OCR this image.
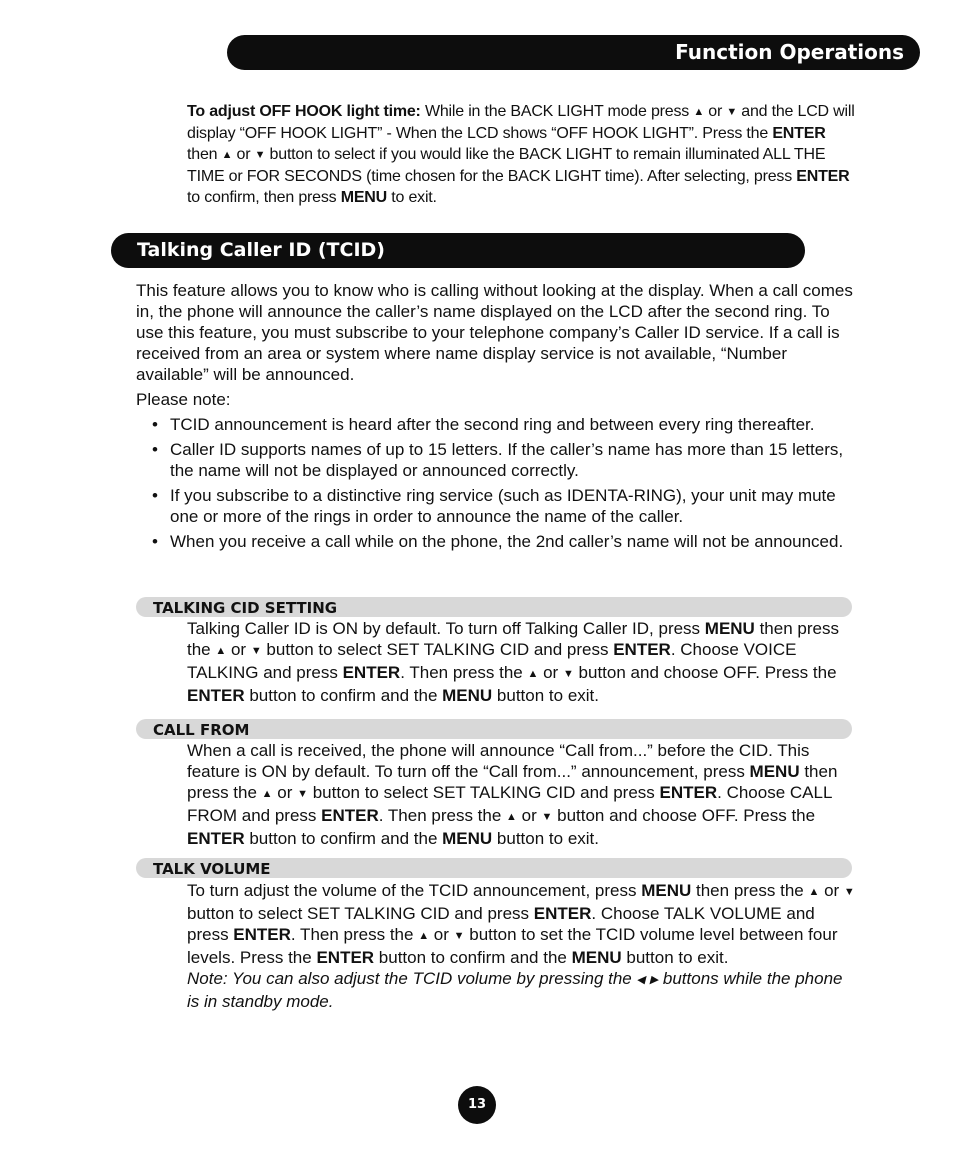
Function Operations

To adjust OFF HOOK light time: While in the BACK LIGHT mode press ▲ or ▼ and the LCD will display “OFF HOOK LIGHT” - When the LCD shows “OFF HOOK LIGHT”. Press the ENTER then ▲ or ▼ button to select if you would like the BACK LIGHT to remain illuminated ALL THE TIME or FOR SECONDS (time chosen for the BACK LIGHT time). After selecting, press ENTER to confirm, then press MENU to exit.

Talking Caller ID (TCID)

This feature allows you to know who is calling without looking at the display. When a call comes in, the phone will announce the caller’s name displayed on the LCD after the second ring. To use this feature, you must subscribe to your telephone company’s Caller ID service. If a call is received from an area or system where name display service is not available, “Number available” will be announced.

Please note:

• TCID announcement is heard after the second ring and between every ring thereafter.
• Caller ID supports names of up to 15 letters. If the caller’s name has more than 15 letters, the name will not be displayed or announced correctly.
• If you subscribe to a distinctive ring service (such as IDENTA-RING), your unit may mute one or more of the rings in order to announce the name of the caller.
• When you receive a call while on the phone, the 2nd caller’s name will not be announced.
TALKING CID SETTING

Talking Caller ID is ON by default. To turn off Talking Caller ID, press MENU then press the ▲ or ▼ button to select SET TALKING CID and press ENTER. Choose VOICE TALKING and press ENTER. Then press the ▲ or ▼ button and choose OFF. Press the ENTER button to confirm and the MENU button to exit.

CALL FROM

When a call is received, the phone will announce “Call from...” before the CID. This feature is ON by default. To turn off the “Call from...” announcement, press MENU then press the ▲ or ▼ button to select SET TALKING CID and press ENTER. Choose CALL FROM and press ENTER. Then press the ▲ or ▼ button and choose OFF. Press the ENTER button to confirm and the MENU button to exit.

TALK VOLUME

To turn adjust the volume of the TCID announcement, press MENU then press the ▲ or ▼ button to select SET TALKING CID and press ENTER. Choose TALK VOLUME and press ENTER. Then press the ▲ or ▼ button to set the TCID volume level between four levels. Press the ENTER button to confirm and the MENU button to exit.
Note: You can also adjust the TCID volume by pressing the ◀ ▶ buttons while the phone is in standby mode.

13
